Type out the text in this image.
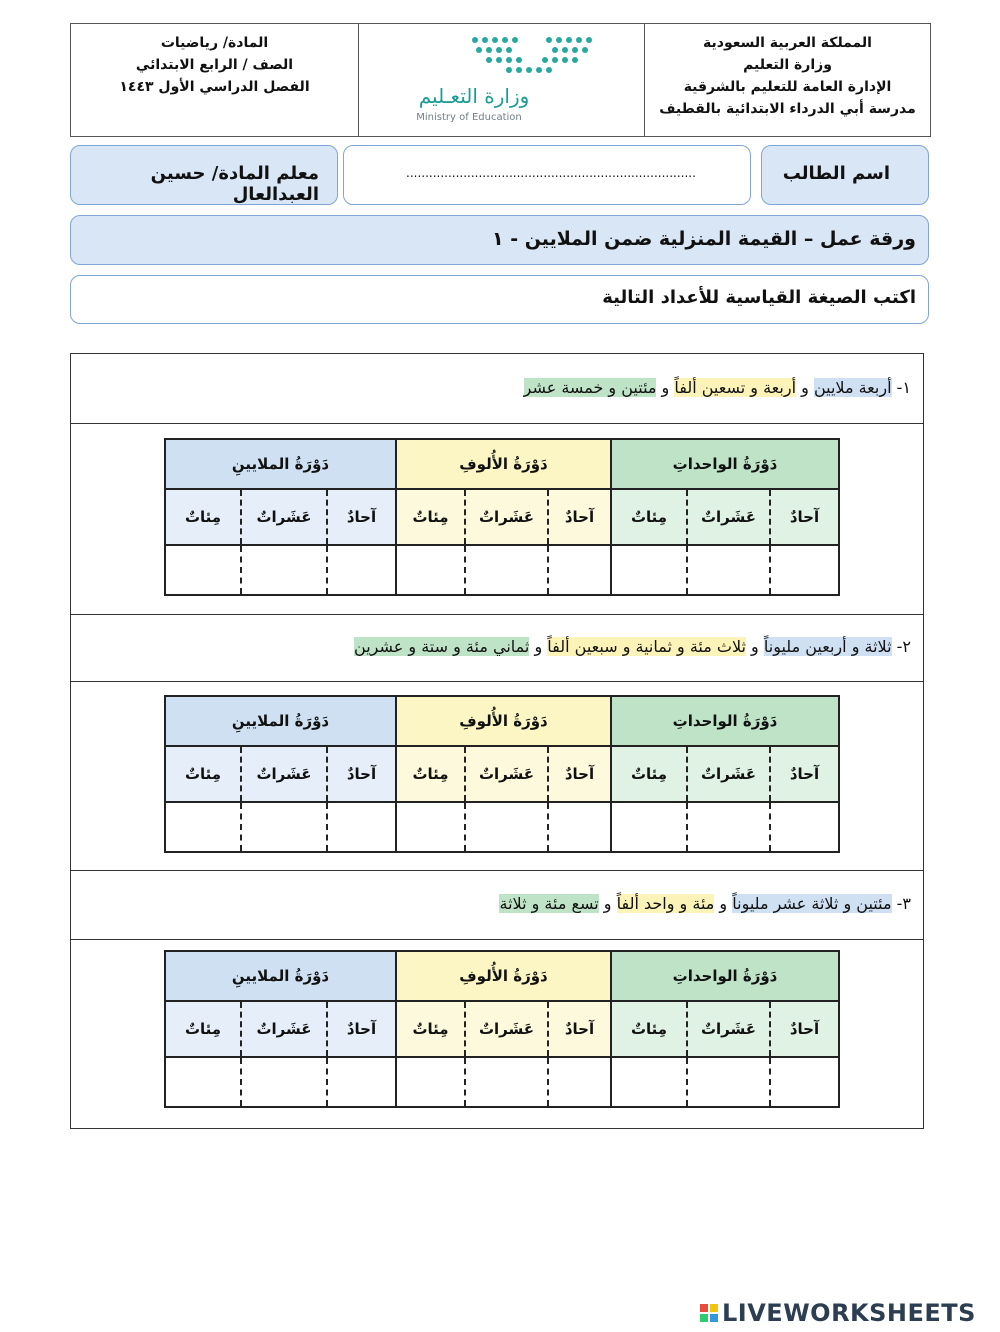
المادة/ رياضيات
الصف / الرابع الابتدائي
الفصل الدراسي الأول ١٤٤٣	وزارة التعـليم
Ministry of Education
المملكة العربية السعودية
وزارة التعليم
الإدارة العامة للتعليم بالشرقية
مدرسة أبي الدرداء الابتدائية بالقطيف
معلم المادة/ حسين العبدالعال
............................................................................	اسم الطالب
ورقة عمل – القيمة المنزلية ضمن الملايين - ١
اكتب الصيغة القياسية للأعداد التالية
١- أربعة ملايين و أربعة و تسعين ألفاً و مئتين و خمسة عشر
دَوْرَةُ الملايينِ	دَوْرَةُ الأُلوفِ	دَوْرَةُ الواحداتِ
مِئاتٌ	عَشَراتٌ	آحادٌ	مِئاتٌ	عَشَراتٌ	آحادٌ	مِئاتٌ	عَشَراتٌ	آحادٌ
٢- ثلاثة و أربعين مليوناً و ثلاث مئة و ثمانية و سبعين ألفاً و ثماني مئة و ستة و عشرين
دَوْرَةُ الملايينِ	دَوْرَةُ الأُلوفِ	دَوْرَةُ الواحداتِ
مِئاتٌ	عَشَراتٌ	آحادٌ	مِئاتٌ	عَشَراتٌ	آحادٌ	مِئاتٌ	عَشَراتٌ	آحادٌ
٣- مئتين و ثلاثة عشر مليوناً و مئة و واحد ألفاً و تسع مئة و ثلاثة
دَوْرَةُ الملايينِ	دَوْرَةُ الأُلوفِ	دَوْرَةُ الواحداتِ
مِئاتٌ	عَشَراتٌ	آحادٌ	مِئاتٌ	عَشَراتٌ	آحادٌ	مِئاتٌ	عَشَراتٌ	آحادٌ
LIVEWORKSHEETS
